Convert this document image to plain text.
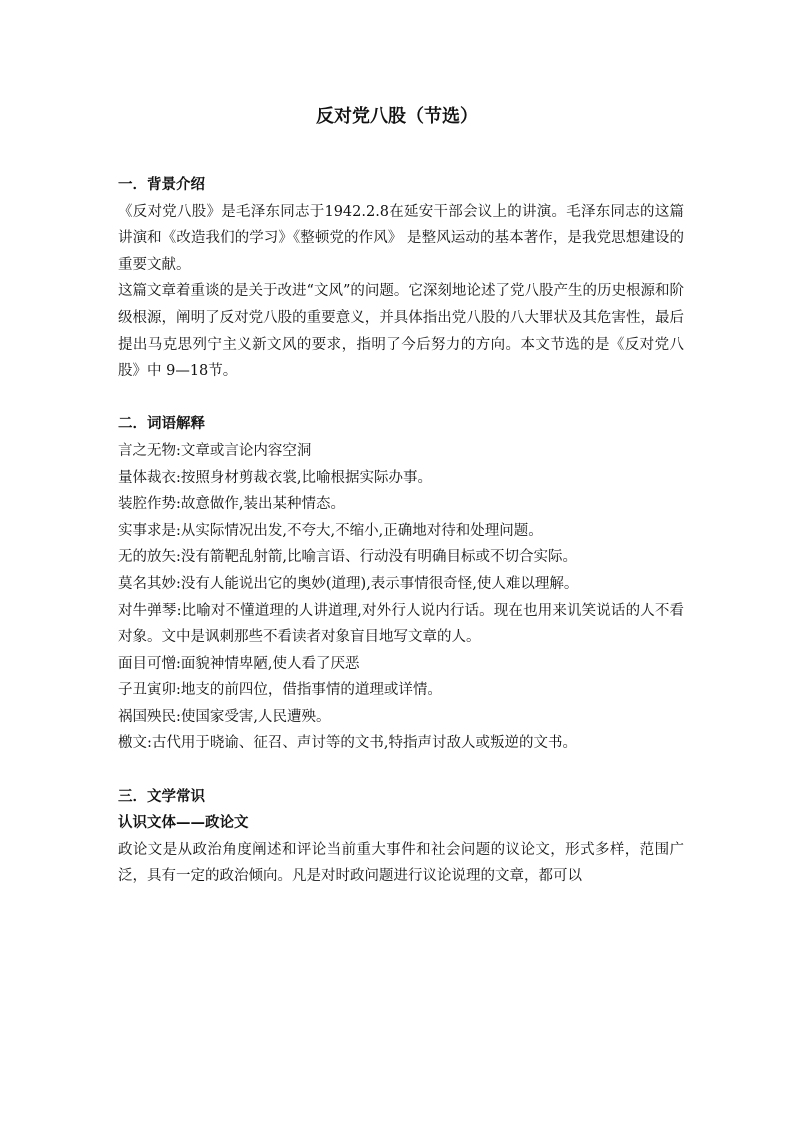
反对党八股（节选）

一．背景介绍

《反对党八股》是毛泽东同志于1942.2.8在延安干部会议上的讲演。毛泽东同志的这篇讲演和《改造我们的学习》《整顿党的作风》 是整风运动的基本著作，是我党思想建设的重要文献。

这篇文章着重谈的是关于改进“文风”的问题。它深刻地论述了党八股产生的历史根源和阶级根源，阐明了反对党八股的重要意义，并具体指出党八股的八大罪状及其危害性，最后提出马克思列宁主义新文风的要求，指明了今后努力的方向。本文节选的是《反对党八股》中 9—18节。

二．词语解释

言之无物:文章或言论内容空洞

量体裁衣:按照身材剪裁衣裳,比喻根据实际办事。

装腔作势:故意做作,装出某种情态。

实事求是:从实际情况出发,不夸大,不缩小,正确地对待和处理问题。

无的放矢:没有箭靶乱射箭,比喻言语、行动没有明确目标或不切合实际。

莫名其妙:没有人能说出它的奥妙(道理),表示事情很奇怪,使人难以理解。

对牛弹琴:比喻对不懂道理的人讲道理,对外行人说内行话。现在也用来讥笑说话的人不看对象。文中是讽刺那些不看读者对象盲目地写文章的人。

面目可憎:面貌神情卑陋,使人看了厌恶

子丑寅卯:地支的前四位，借指事情的道理或详情。

祸国殃民:使国家受害,人民遭殃。

檄文:古代用于晓谕、征召、声讨等的文书,特指声讨敌人或叛逆的文书。

三．文学常识

认识文体——政论文

政论文是从政治角度阐述和评论当前重大事件和社会问题的议论文，形式多样，范围广泛，具有一定的政治倾向。凡是对时政问题进行议论说理的文章，都可以
